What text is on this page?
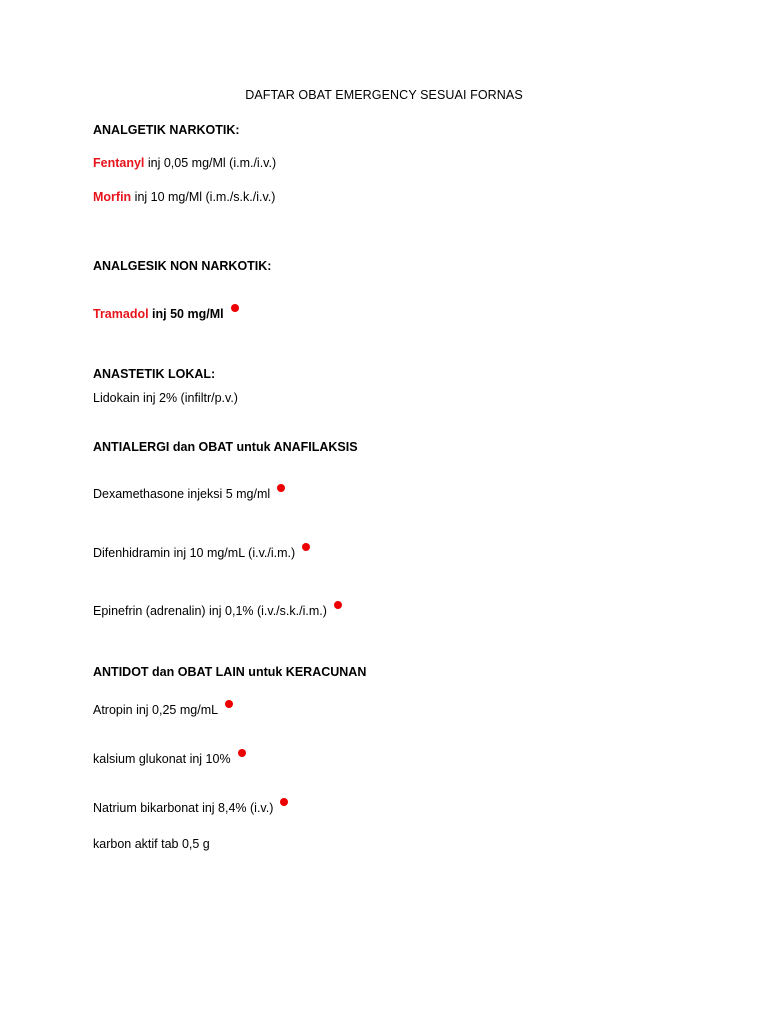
DAFTAR OBAT EMERGENCY SESUAI FORNAS
ANALGETIK NARKOTIK:
Fentanyl inj 0,05 mg/Ml (i.m./i.v.)
Morfin inj 10 mg/Ml (i.m./s.k./i.v.)
ANALGESIK NON NARKOTIK:
Tramadol inj 50 mg/Ml
ANASTETIK LOKAL:
Lidokain inj 2% (infiltr/p.v.)
ANTIALERGI dan OBAT untuk ANAFILAKSIS
Dexamethasone injeksi 5 mg/ml
Difenhidramin inj 10 mg/mL (i.v./i.m.)
Epinefrin (adrenalin) inj 0,1% (i.v./s.k./i.m.)
ANTIDOT dan OBAT LAIN untuk KERACUNAN
Atropin inj 0,25 mg/mL
kalsium glukonat inj 10%
Natrium bikarbonat inj 8,4% (i.v.)
karbon aktif tab 0,5 g
